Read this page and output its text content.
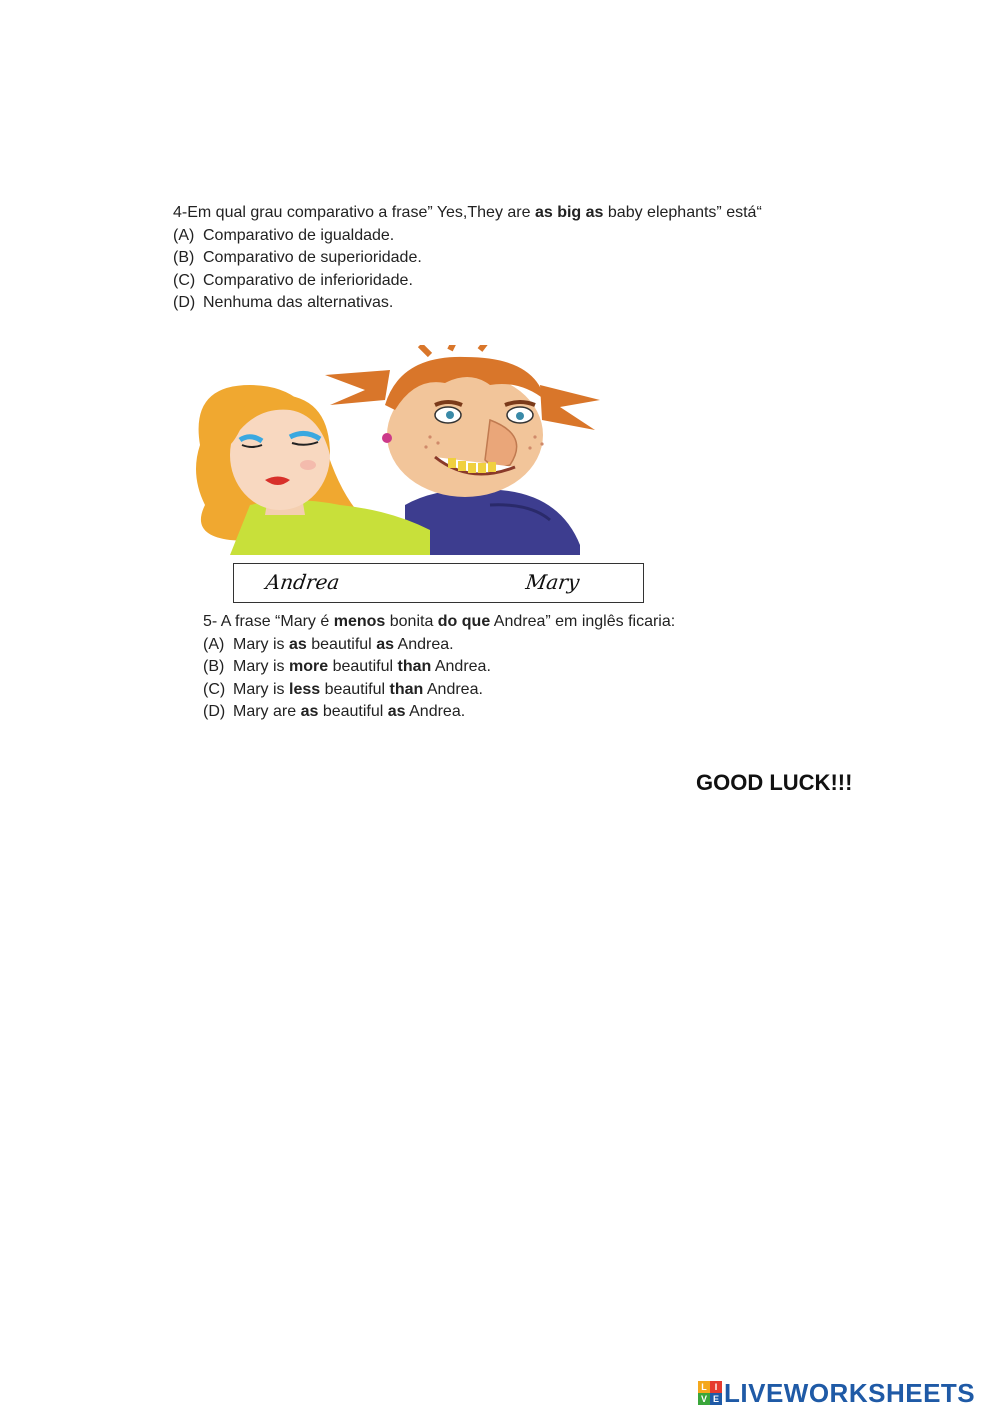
4-Em qual grau comparativo a frase” Yes,They are as big as baby elephants” está“

(A) Comparativo de igualdade.

(B) Comparativo de superioridade.

(C) Comparativo de inferioridade.

(D) Nenhuma das alternativas.

Andrea	Mary

5- A frase “Mary é menos bonita do que Andrea” em inglês ficaria:

(A) Mary is as beautiful as Andrea.

(B) Mary is more beautiful than Andrea.

(C) Mary is less beautiful than Andrea.

(D) Mary are as beautiful as Andrea.

GOOD LUCK!!!
L I
V E LIVEWORKSHEETS
